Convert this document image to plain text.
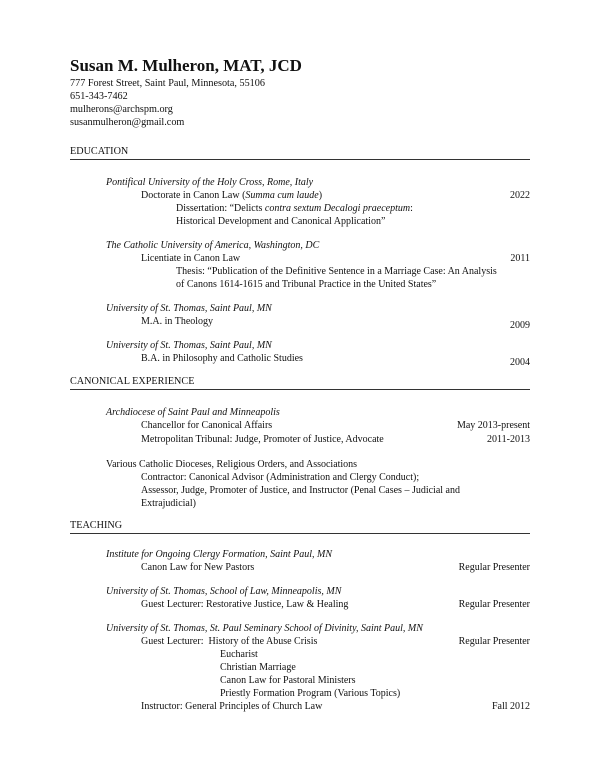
Susan M. Mulheron, MAT, JCD
777 Forest Street, Saint Paul, Minnesota, 55106
651-343-7462
mulherons@archspm.org
susanmulheron@gmail.com
EDUCATION
Pontifical University of the Holy Cross, Rome, Italy
Doctorate in Canon Law (Summa cum laude)	2022
Dissertation: “Delicts contra sextum Decalogi praeceptum:
Historical Development and Canonical Application”
The Catholic University of America, Washington, DC
Licentiate in Canon Law	2011
Thesis: “Publication of the Definitive Sentence in a Marriage Case: An Analysis of Canons 1614-1615 and Tribunal Practice in the United States”
University of St. Thomas, Saint Paul, MN
M.A. in Theology	2009
University of St. Thomas, Saint Paul, MN
B.A. in Philosophy and Catholic Studies	2004
CANONICAL EXPERIENCE
Archdiocese of Saint Paul and Minneapolis
Chancellor for Canonical Affairs	May 2013-present
Metropolitan Tribunal: Judge, Promoter of Justice, Advocate	2011-2013
Various Catholic Dioceses, Religious Orders, and Associations
Contractor: Canonical Advisor (Administration and Clergy Conduct);
Assessor, Judge, Promoter of Justice, and Instructor (Penal Cases – Judicial and Extrajudicial)
TEACHING
Institute for Ongoing Clergy Formation, Saint Paul, MN
Canon Law for New Pastors	Regular Presenter
University of St. Thomas, School of Law, Minneapolis, MN
Guest Lecturer: Restorative Justice, Law & Healing	Regular Presenter
University of St. Thomas, St. Paul Seminary School of Divinity, Saint Paul, MN
Guest Lecturer: History of the Abuse Crisis	Regular Presenter
Eucharist
Christian Marriage
Canon Law for Pastoral Ministers
Priestly Formation Program (Various Topics)
Instructor: General Principles of Church Law	Fall 2012
